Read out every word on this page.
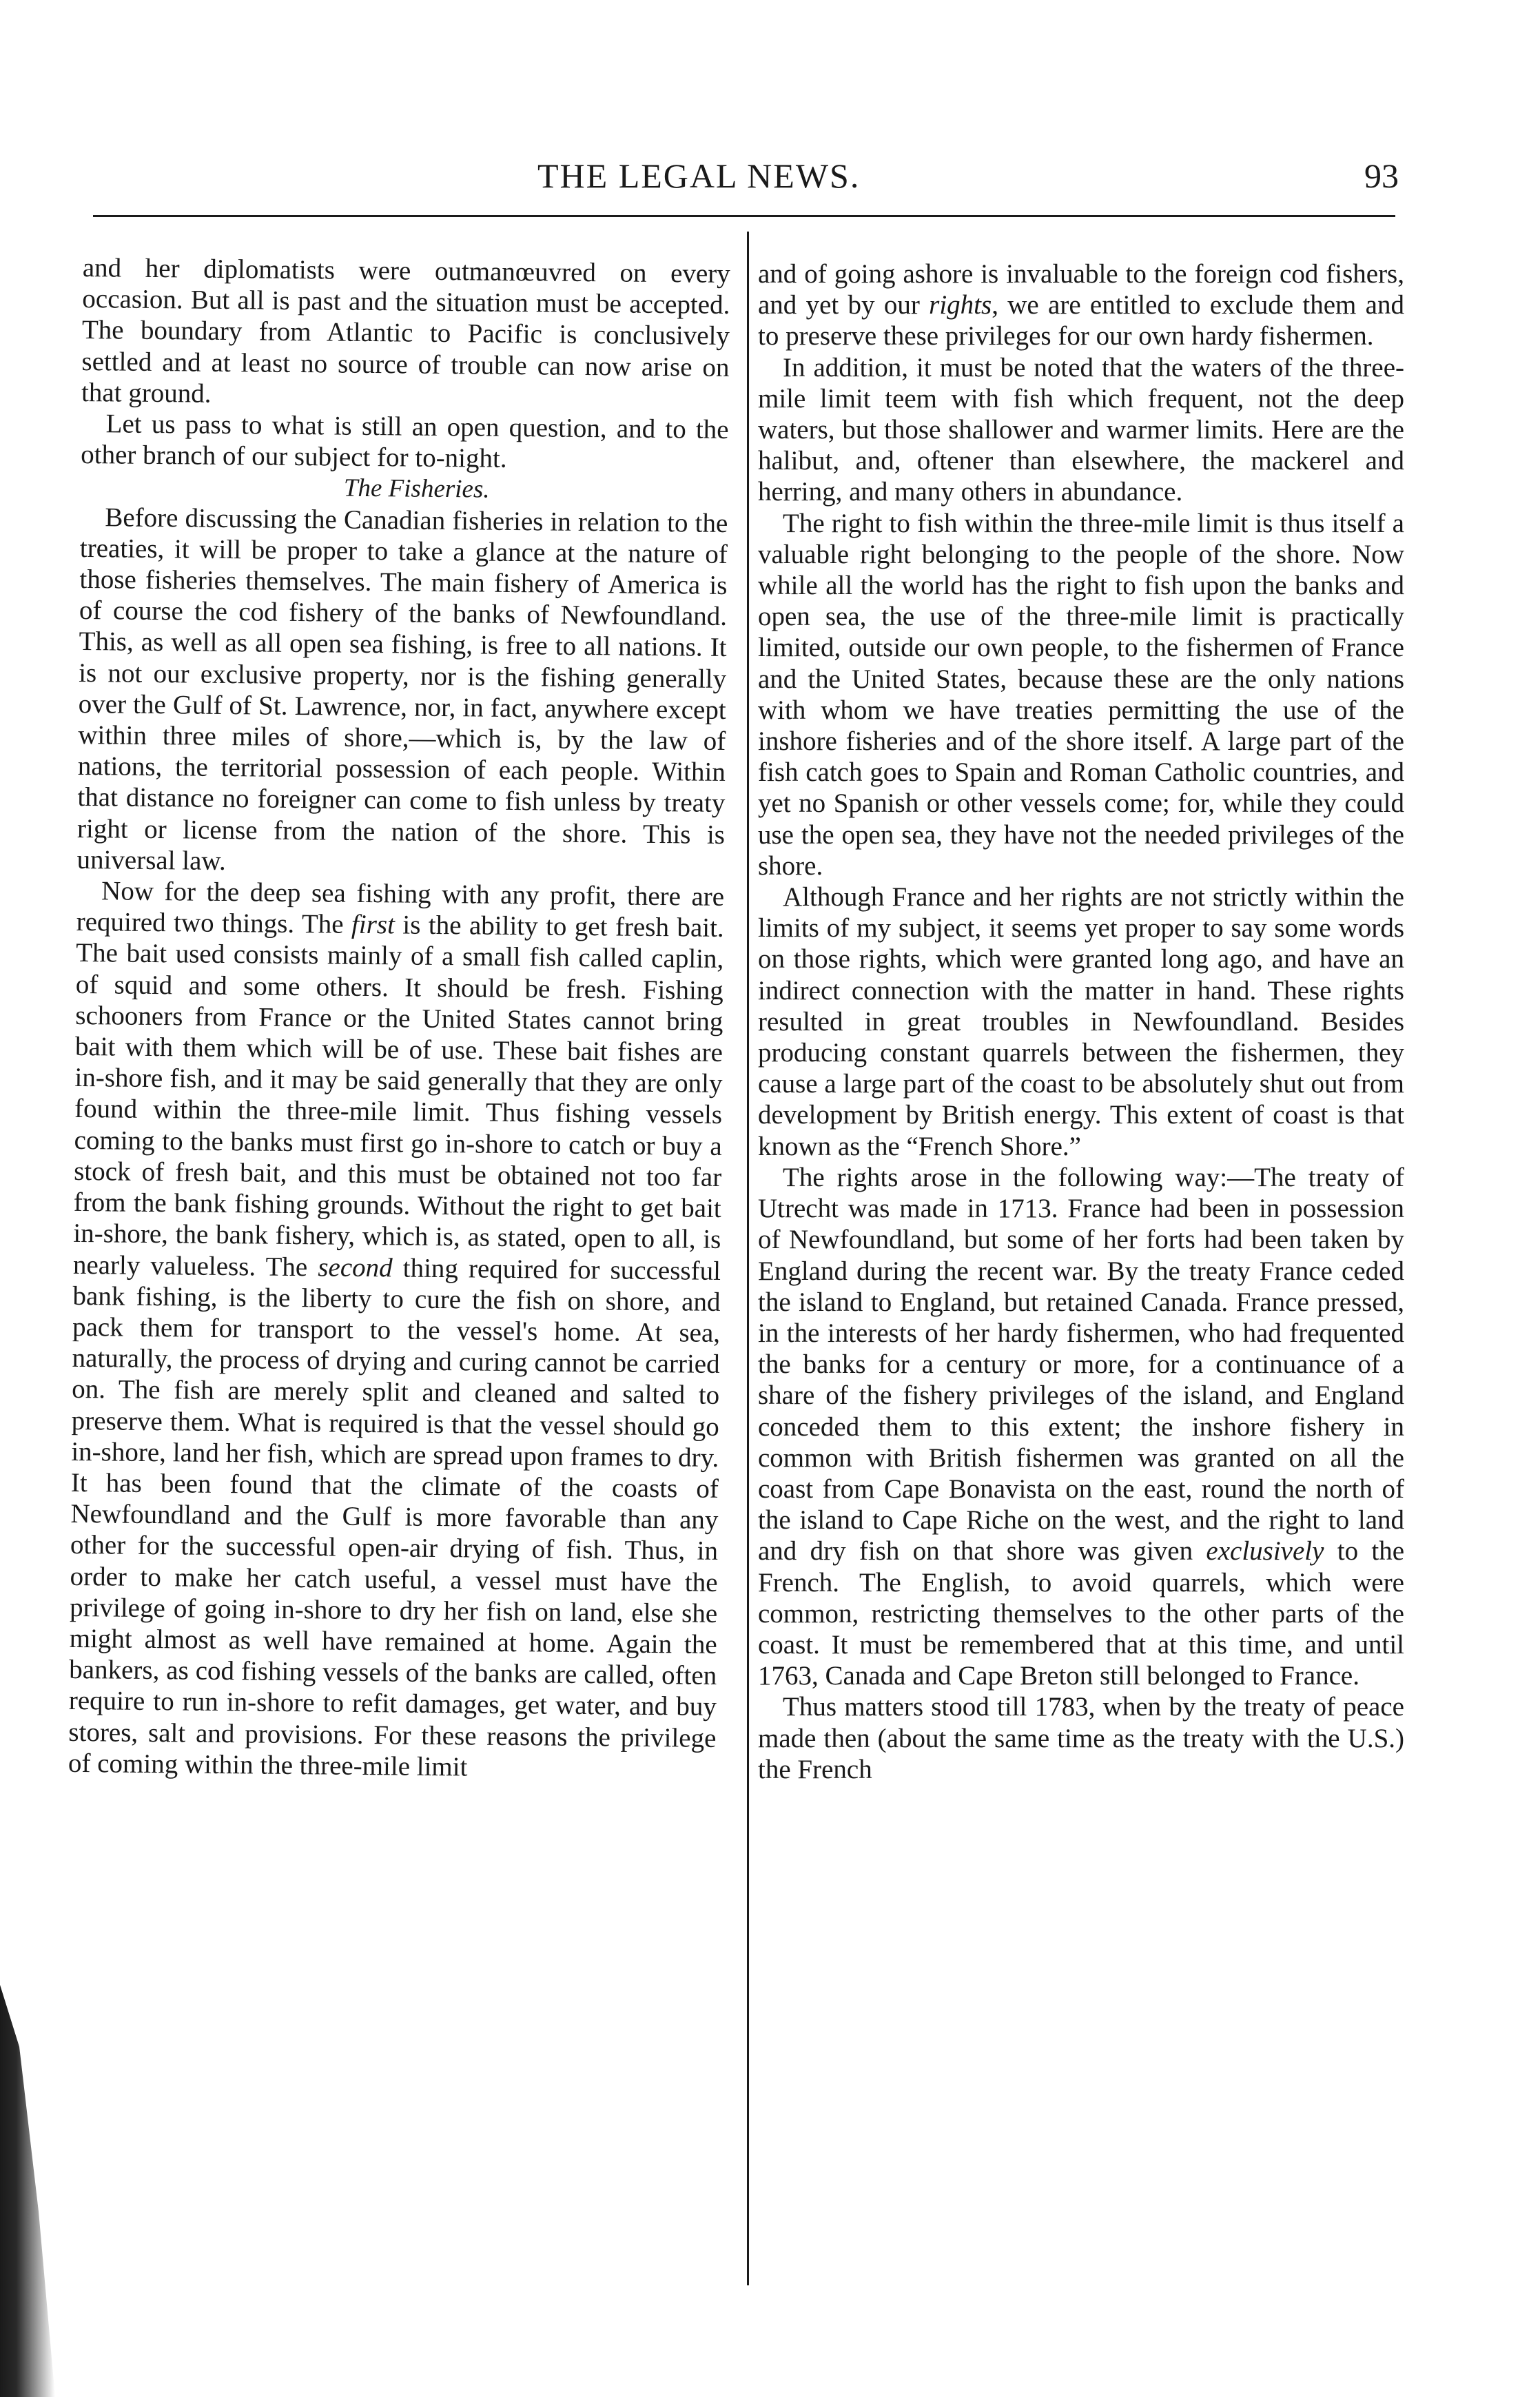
THE LEGAL NEWS.	93

and her diplomatists were outmanœuvred on every occasion. But all is past and the situation must be accepted. The boundary from Atlantic to Pacific is conclusively settled and at least no source of trouble can now arise on that ground.

Let us pass to what is still an open question, and to the other branch of our subject for to-night.

The Fisheries.

Before discussing the Canadian fisheries in relation to the treaties, it will be proper to take a glance at the nature of those fisheries themselves. The main fishery of America is of course the cod fishery of the banks of Newfoundland. This, as well as all open sea fishing, is free to all nations. It is not our exclusive property, nor is the fishing generally over the Gulf of St. Lawrence, nor, in fact, anywhere except within three miles of shore,—which is, by the law of nations, the territorial possession of each people. Within that distance no foreigner can come to fish unless by treaty right or license from the nation of the shore. This is universal law.

Now for the deep sea fishing with any profit, there are required two things. The first is the ability to get fresh bait. The bait used consists mainly of a small fish called caplin, of squid and some others. It should be fresh. Fishing schooners from France or the United States cannot bring bait with them which will be of use. These bait fishes are in-shore fish, and it may be said generally that they are only found within the three-mile limit. Thus fishing vessels coming to the banks must first go in-shore to catch or buy a stock of fresh bait, and this must be obtained not too far from the bank fishing grounds. Without the right to get bait in-shore, the bank fishery, which is, as stated, open to all, is nearly valueless. The second thing required for successful bank fishing, is the liberty to cure the fish on shore, and pack them for transport to the vessel's home. At sea, naturally, the process of drying and curing cannot be carried on. The fish are merely split and cleaned and salted to preserve them. What is required is that the vessel should go in-shore, land her fish, which are spread upon frames to dry. It has been found that the climate of the coasts of Newfoundland and the Gulf is more favorable than any other for the successful open-air drying of fish. Thus, in order to make her catch useful, a vessel must have the privilege of going in-shore to dry her fish on land, else she might almost as well have remained at home. Again the bankers, as cod fishing vessels of the banks are called, often require to run in-shore to refit damages, get water, and buy stores, salt and provisions. For these reasons the privilege of coming within the three-mile limit

and of going ashore is invaluable to the foreign cod fishers, and yet by our rights, we are entitled to exclude them and to preserve these privileges for our own hardy fishermen.

In addition, it must be noted that the waters of the three-mile limit teem with fish which frequent, not the deep waters, but those shallower and warmer limits. Here are the halibut, and, oftener than elsewhere, the mackerel and herring, and many others in abundance.

The right to fish within the three-mile limit is thus itself a valuable right belonging to the people of the shore. Now while all the world has the right to fish upon the banks and open sea, the use of the three-mile limit is practically limited, outside our own people, to the fishermen of France and the United States, because these are the only nations with whom we have treaties permitting the use of the inshore fisheries and of the shore itself. A large part of the fish catch goes to Spain and Roman Catholic countries, and yet no Spanish or other vessels come; for, while they could use the open sea, they have not the needed privileges of the shore.

Although France and her rights are not strictly within the limits of my subject, it seems yet proper to say some words on those rights, which were granted long ago, and have an indirect connection with the matter in hand. These rights resulted in great troubles in Newfoundland. Besides producing constant quarrels between the fishermen, they cause a large part of the coast to be absolutely shut out from development by British energy. This extent of coast is that known as the “French Shore.”

The rights arose in the following way:—The treaty of Utrecht was made in 1713. France had been in possession of Newfoundland, but some of her forts had been taken by England during the recent war. By the treaty France ceded the island to England, but retained Canada. France pressed, in the interests of her hardy fishermen, who had frequented the banks for a century or more, for a continuance of a share of the fishery privileges of the island, and England conceded them to this extent; the inshore fishery in common with British fishermen was granted on all the coast from Cape Bonavista on the east, round the north of the island to Cape Riche on the west, and the right to land and dry fish on that shore was given exclusively to the French. The English, to avoid quarrels, which were common, restricting themselves to the other parts of the coast. It must be remembered that at this time, and until 1763, Canada and Cape Breton still belonged to France.

Thus matters stood till 1783, when by the treaty of peace made then (about the same time as the treaty with the U.S.) the French
